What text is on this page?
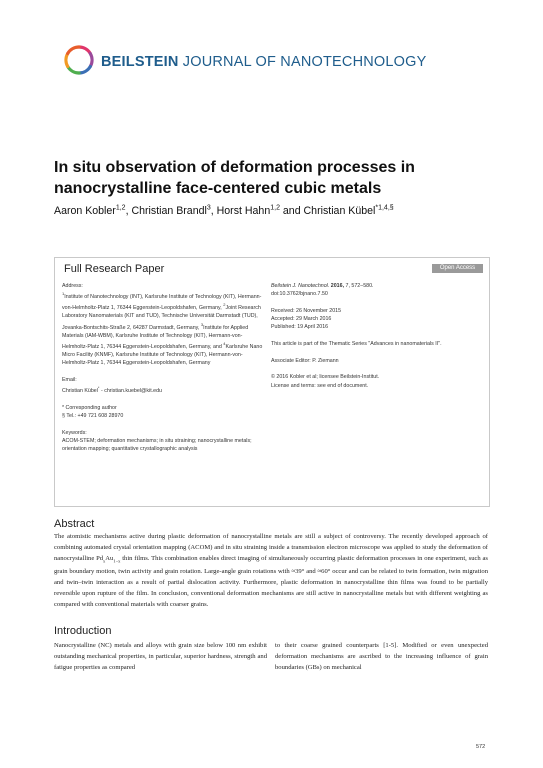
BEILSTEIN JOURNAL OF NANOTECHNOLOGY
In situ observation of deformation processes in nanocrystalline face-centered cubic metals
Aaron Kobler$^{1,2}$, Christian Brandl$^3$, Horst Hahn$^{1,2}$ and Christian Kübel$^{*1,4,\S}$
Full Research Paper	Open Access
Address:
$^1$Institute of Nanotechnology (INT), Karlsruhe Institute of Technology (KIT), Hermann-von-Helmholtz-Platz 1, 76344 Eggenstein-Leopoldshafen, Germany, $^2$Joint Research Laboratory Nanomaterials (KIT and TUD), Technische Universität Darmstadt (TUD), Jovanka-Bontschits-Straße 2, 64287 Darmstadt, Germany, $^3$Institute for Applied Materials (IAM-WBM), Karlsruhe Institute of Technology (KIT), Hermann-von-Helmholtz-Platz 1, 76344 Eggenstein-Leopoldshafen, Germany, and $^4$Karlsruhe Nano Micro Facility (KNMF), Karlsruhe Institute of Technology (KIT), Hermann-von-Helmholtz-Platz 1, 76344 Eggenstein-Leopoldshafen, Germany
Email:
Christian Kübel* - christian.kuebel@kit.edu
* Corresponding author
§ Tel.: +49 721 608 28970
Keywords:
ACOM-STEM; deformation mechanisms; in situ straining; nanocrystalline metals; orientation mapping; quantitative crystallographic analysis
Beilstein J. Nanotechnol. 2016, 7, 572–580.
doi:10.3762/bjnano.7.50
Received: 26 November 2015
Accepted: 29 March 2016
Published: 19 April 2016
This article is part of the Thematic Series "Advances in nanomaterials II".
Associate Editor: P. Ziemann
© 2016 Kobler et al; licensee Beilstein-Institut.
License and terms: see end of document.
Abstract
The atomistic mechanisms active during plastic deformation of nanocrystalline metals are still a subject of controversy. The recently developed approach of combining automated crystal orientation mapping (ACOM) and in situ straining inside a transmission electron microscope was applied to study the deformation of nanocrystalline $Pd_xAu_{1-x}$ thin films. This combination enables direct imaging of simultaneously occurring plastic deformation processes in one experiment, such as grain boundary motion, twin activity and grain rotation. Large-angle grain rotations with ≈39° and ≈60° occur and can be related to twin formation, twin migration and twin–twin interaction as a result of partial dislocation activity. Furthermore, plastic deformation in nanocrystalline thin films was found to be partially reversible upon rupture of the film. In conclusion, conventional deformation mechanisms are still active in nanocrystalline metals but with different weighting as compared with conventional materials with coarser grains.
Introduction
Nanocrystalline (NC) metals and alloys with grain size below 100 nm exhibit outstanding mechanical properties, in particular, superior hardness, strength and fatigue properties as compared
to their coarse grained counterparts [1-5]. Modified or even unexpected deformation mechanisms are ascribed to the increasing influence of grain boundaries (GBs) on mechanical
572
